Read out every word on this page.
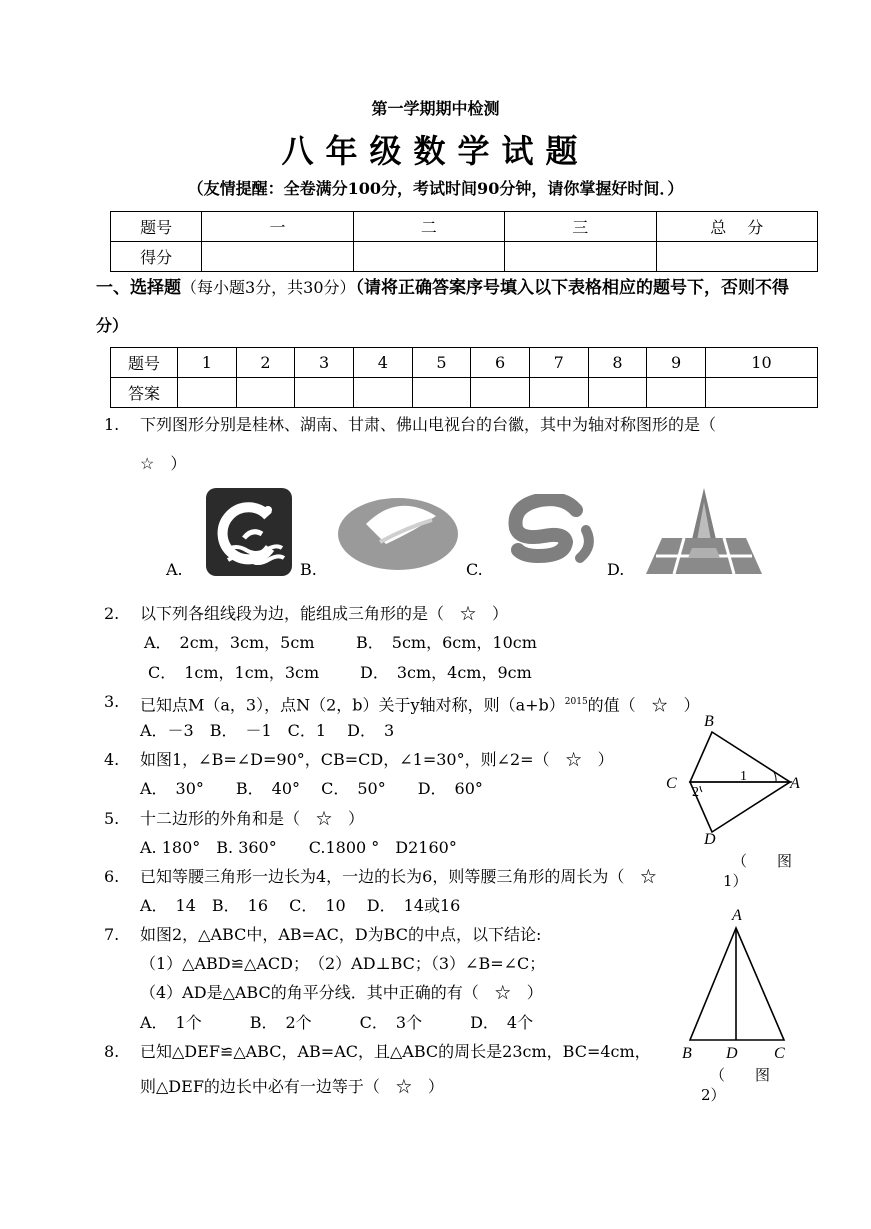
第一学期期中检测
八年级数学试题
（友情提醒：全卷满分100分，考试时间90分钟，请你掌握好时间．）
题号	一	二	三	总　 分
得分				
一、选择题（每小题3分，共30分）（请将正确答案序号填入以下表格相应的题号下，否则不得
分）
题号	1	2	3	4	5	6	7	8	9	10
答案										
1. 下列图形分别是桂林、湖南、甘肃、佛山电视台的台徽，其中为轴对称图形的是（
☆　）
A.	B.	C.	D.
2. 以下列各组线段为边，能组成三角形的是（　☆　）
A．　2cm，3cm，5cm	B．　5cm，6cm，10cm
C．　1cm，1cm，3cm	D．　3cm，4cm，9cm
3. 已知点M（a，3），点N（2，b）关于y轴对称，则$(a+b)^{2015}$的值（　☆　）
A．－3　B．　－1　C．1　 D．　3
4. 如图1，∠B=∠D=90°，CB=CD，∠1=30°，则∠2=（　☆　）
A．　30°　　B．　40°　 C．　50°　　D．　60°
5. 十二边形的外角和是（　☆　）
A. 180°　B. 360°　　C.1800 °　D2160°
B
C	A
D
1
2
（　　图
1）
6. 已知等腰三角形一边长为4，一边的长为6，则等腰三角形的周长为（　☆
A．　14　B．　16　 C．　10　 D．　14或16
7. 如图2，△ABC中，AB=AC，D为BC的中点，以下结论:
（1）△ABD≌△ACD；　（2）AD⊥BC；（3）∠B=∠C；
（4）AD是△ABC的角平分线．其中正确的有（　☆　）
A．　1个　　　B．　2个　　　C．　3个　　　D．　4个
A
B D C
（　　图
2）
8. 已知△DEF≌△ABC，AB=AC，且△ABC的周长是23cm，BC=4cm，
则△DEF的边长中必有一边等于（　☆　）
